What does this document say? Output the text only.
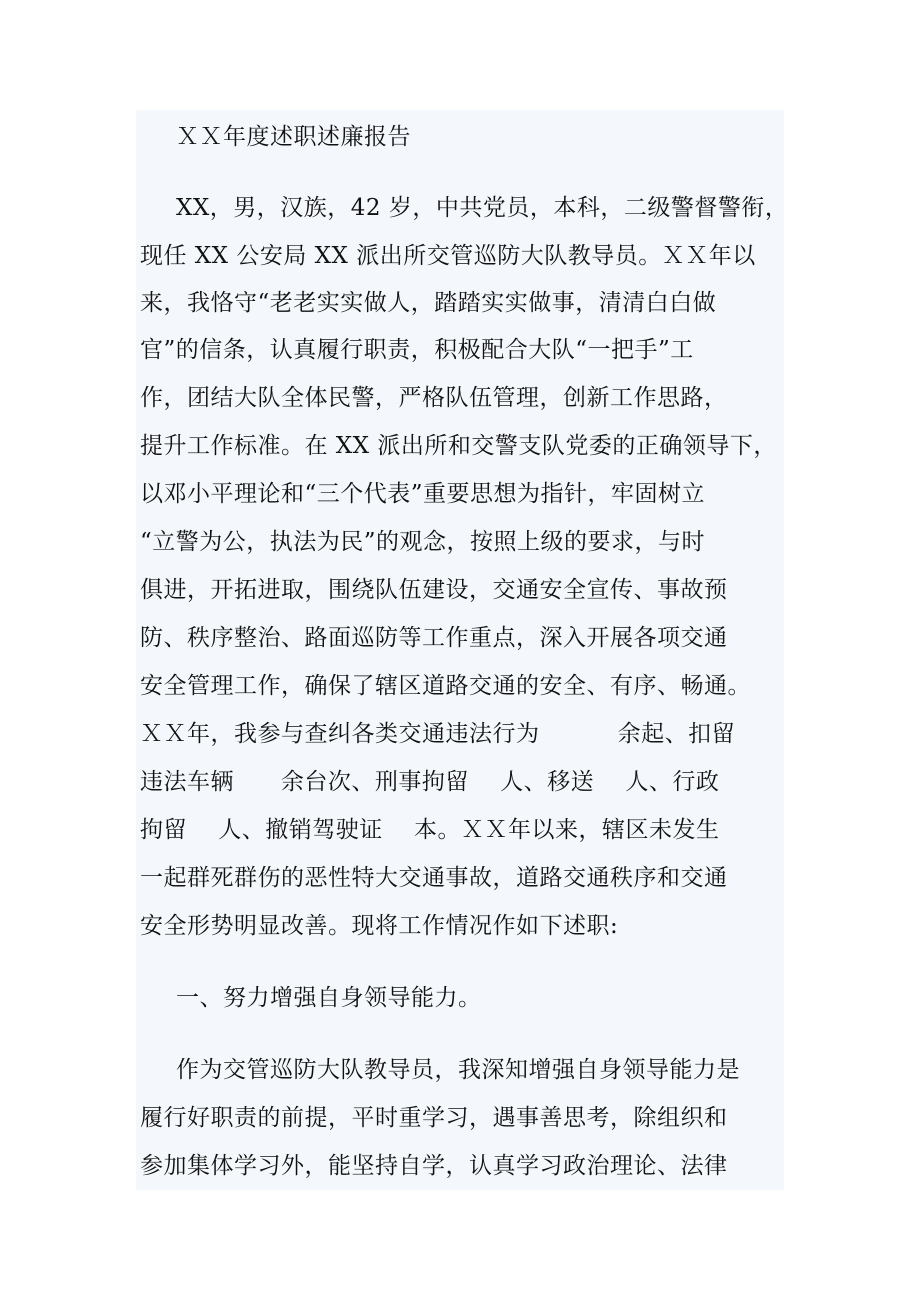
ＸＸ年度述职述廉报告
XX，男，汉族，42 岁，中共党员，本科，二级警督警衔，
现任 XX 公安局 XX 派出所交管巡防大队教导员。ＸＸ年以
来，我恪守“老老实实做人，踏踏实实做事，清清白白做
官”的信条，认真履行职责，积极配合大队“一把手”工
作，团结大队全体民警，严格队伍管理，创新工作思路，
提升工作标准。在 XX 派出所和交警支队党委的正确领导下，
以邓小平理论和“三个代表”重要思想为指针，牢固树立
“立警为公，执法为民”的观念，按照上级的要求，与时
俱进，开拓进取，围绕队伍建设，交通安全宣传、事故预
防、秩序整治、路面巡防等工作重点，深入开展各项交通
安全管理工作，确保了辖区道路交通的安全、有序、畅通。
ＸＸ年，我参与查纠各类交通违法行为          余起、扣留
违法车辆      余台次、刑事拘留    人、移送    人、行政
拘留    人、撤销驾驶证    本。ＸＸ年以来，辖区未发生
一起群死群伤的恶性特大交通事故，道路交通秩序和交通
安全形势明显改善。现将工作情况作如下述职:
一、努力增强自身领导能力。
作为交管巡防大队教导员，我深知增强自身领导能力是
履行好职责的前提，平时重学习，遇事善思考，除组织和
参加集体学习外，能坚持自学，认真学习政治理论、法律
